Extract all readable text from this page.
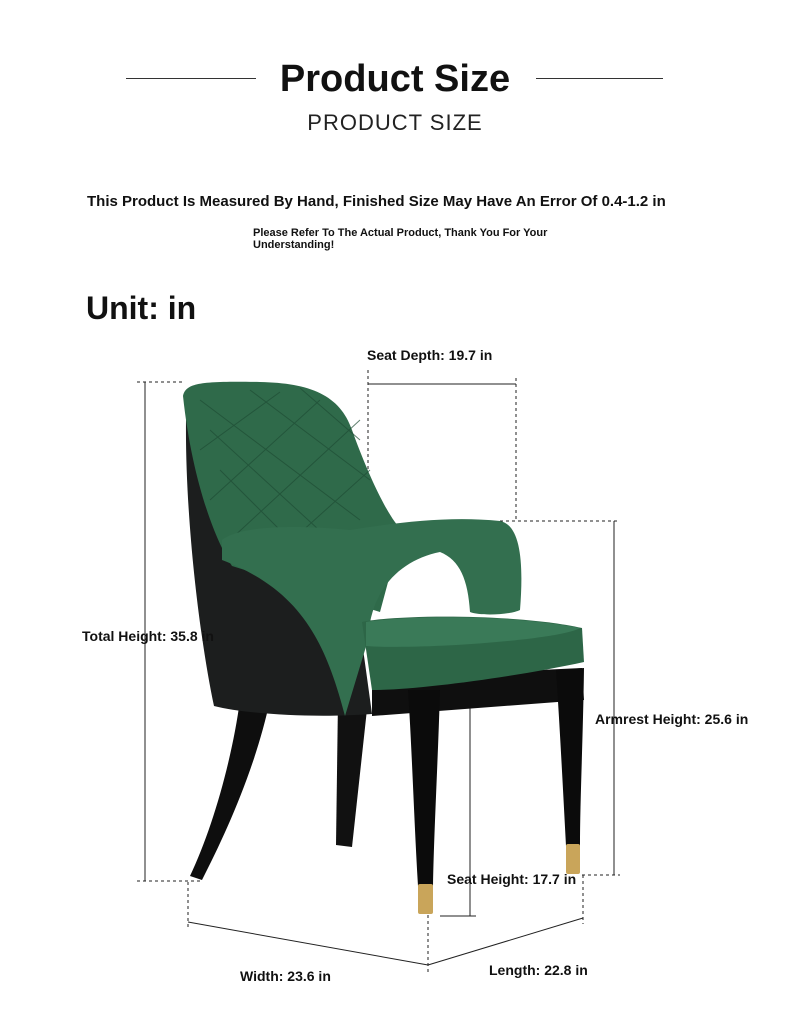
Product Size
PRODUCT SIZE
This Product Is Measured By Hand, Finished Size May Have An Error Of 0.4-1.2 in
Please Refer To The Actual Product, Thank You For Your Understanding!
Unit: in
Seat Depth: 19.7 in
Total Height: 35.8 in
Armrest Height: 25.6 in
Seat Height: 17.7 in
Width: 23.6 in	Length: 22.8 in
